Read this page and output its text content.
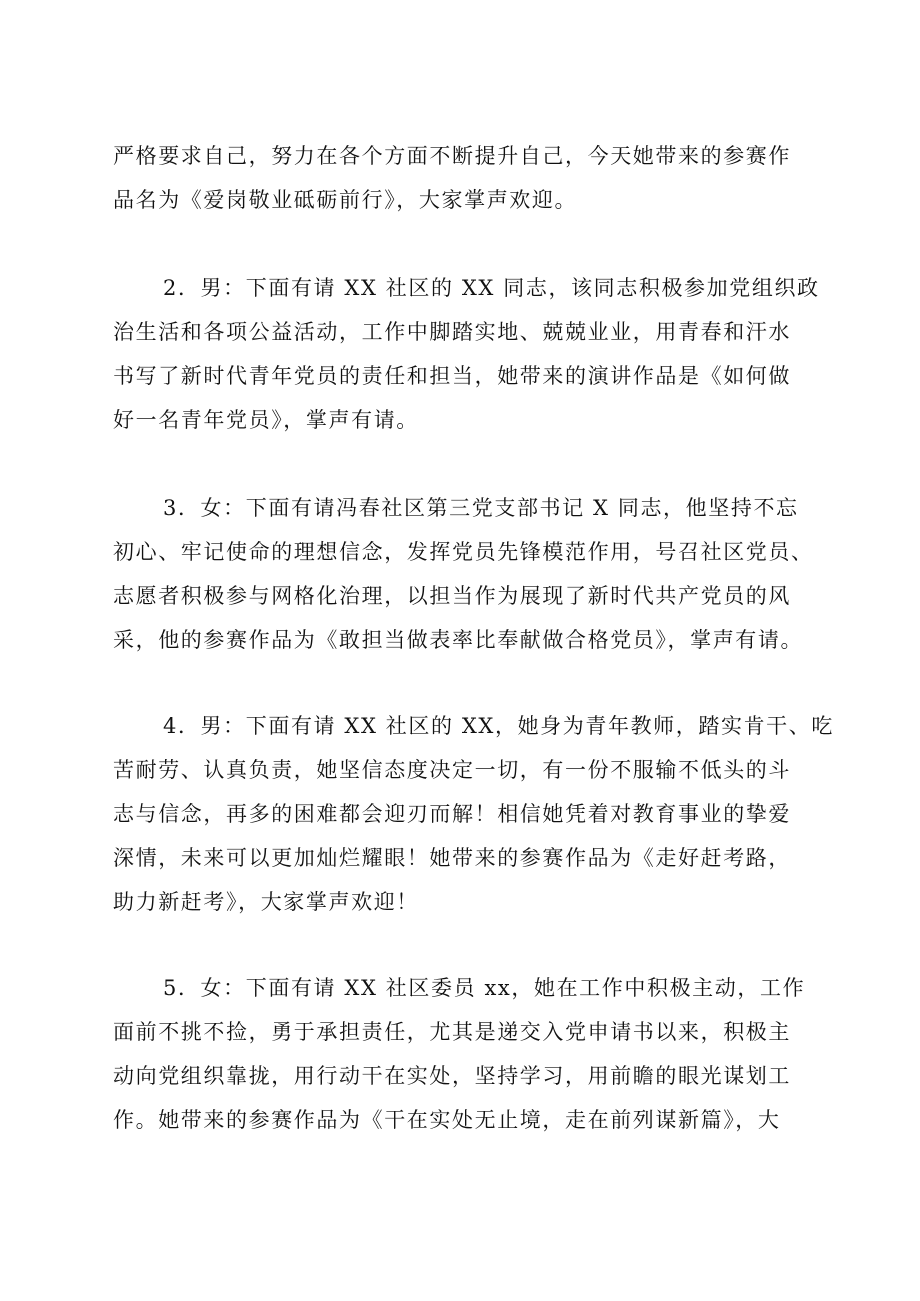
严格要求自己，努力在各个方面不断提升自己，今天她带来的参赛作
品名为《爱岗敬业砥砺前行》，大家掌声欢迎。
2．男：下面有请 XX 社区的 XX 同志，该同志积极参加党组织政
治生活和各项公益活动，工作中脚踏实地、兢兢业业，用青春和汗水
书写了新时代青年党员的责任和担当，她带来的演讲作品是《如何做
好一名青年党员》，掌声有请。
3．女：下面有请冯春社区第三党支部书记 X 同志，他坚持不忘
初心、牢记使命的理想信念，发挥党员先锋模范作用，号召社区党员、
志愿者积极参与网格化治理，以担当作为展现了新时代共产党员的风
采，他的参赛作品为《敢担当做表率比奉献做合格党员》，掌声有请。
4．男：下面有请 XX 社区的 XX，她身为青年教师，踏实肯干、吃
苦耐劳、认真负责，她坚信态度决定一切，有一份不服输不低头的斗
志与信念，再多的困难都会迎刃而解！相信她凭着对教育事业的挚爱
深情，未来可以更加灿烂耀眼！她带来的参赛作品为《走好赶考路，
助力新赶考》，大家掌声欢迎！
5．女：下面有请 XX 社区委员 xx，她在工作中积极主动，工作
面前不挑不捡，勇于承担责任，尤其是递交入党申请书以来，积极主
动向党组织靠拢，用行动干在实处，坚持学习，用前瞻的眼光谋划工
作。她带来的参赛作品为《干在实处无止境，走在前列谋新篇》，大
